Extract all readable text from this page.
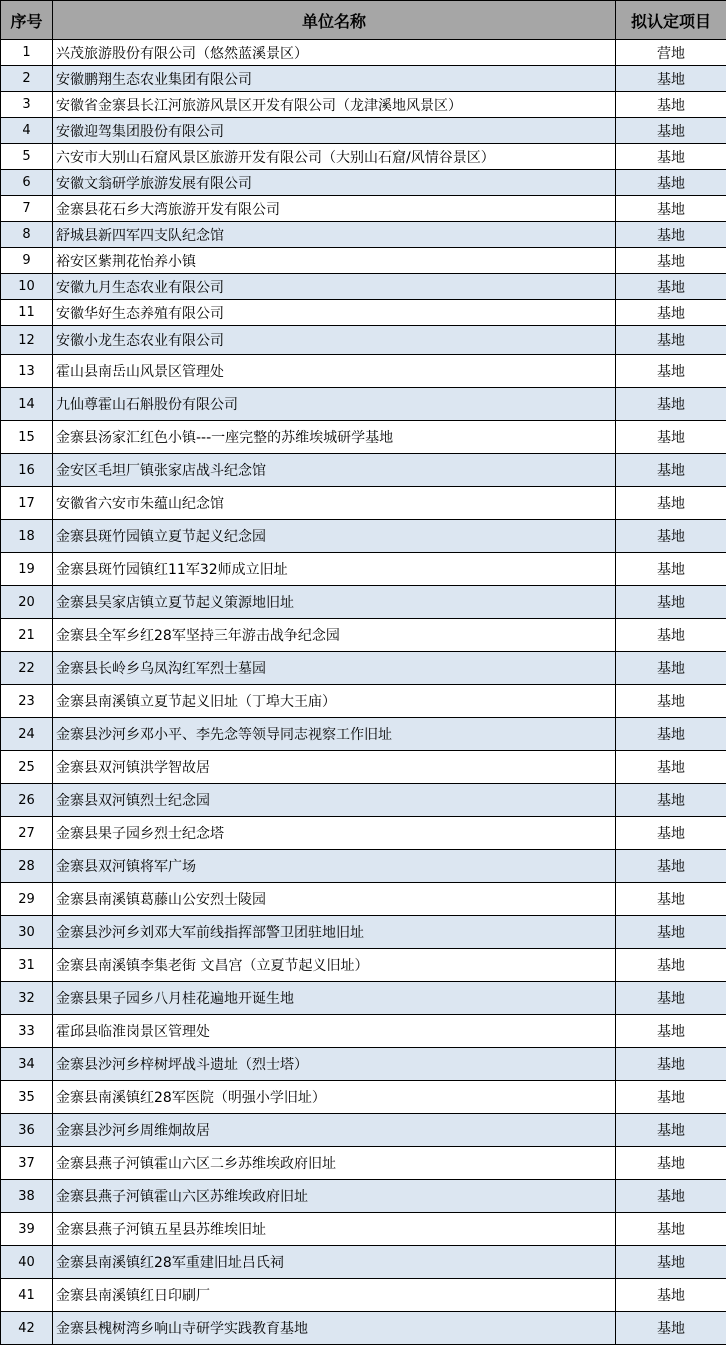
序号	单位名称	拟认定项目
1	兴茂旅游股份有限公司（悠然蓝溪景区）	营地
2	安徽鹏翔生态农业集团有限公司	基地
3	安徽省金寨县长江河旅游风景区开发有限公司（龙津溪地风景区）	基地
4	安徽迎驾集团股份有限公司	基地
5	六安市大别山石窟风景区旅游开发有限公司（大别山石窟/风情谷景区）	基地
6	安徽文翁研学旅游发展有限公司	基地
7	金寨县花石乡大湾旅游开发有限公司	基地
8	舒城县新四军四支队纪念馆	基地
9	裕安区紫荆花怡养小镇	基地
10	安徽九月生态农业有限公司	基地
11	安徽华好生态养殖有限公司	基地
12	安徽小龙生态农业有限公司	基地
13	霍山县南岳山风景区管理处	基地
14	九仙尊霍山石斛股份有限公司	基地
15	金寨县汤家汇红色小镇---一座完整的苏维埃城研学基地	基地
16	金安区毛坦厂镇张家店战斗纪念馆	基地
17	安徽省六安市朱蕴山纪念馆	基地
18	金寨县斑竹园镇立夏节起义纪念园	基地
19	金寨县斑竹园镇红11军32师成立旧址	基地
20	金寨县吴家店镇立夏节起义策源地旧址	基地
21	金寨县全军乡红28军坚持三年游击战争纪念园	基地
22	金寨县长岭乡乌凤沟红军烈士墓园	基地
23	金寨县南溪镇立夏节起义旧址（丁埠大王庙）	基地
24	金寨县沙河乡邓小平、李先念等领导同志视察工作旧址	基地
25	金寨县双河镇洪学智故居	基地
26	金寨县双河镇烈士纪念园	基地
27	金寨县果子园乡烈士纪念塔	基地
28	金寨县双河镇将军广场	基地
29	金寨县南溪镇葛藤山公安烈士陵园	基地
30	金寨县沙河乡刘邓大军前线指挥部警卫团驻地旧址	基地
31	金寨县南溪镇李集老街 文昌宫（立夏节起义旧址）	基地
32	金寨县果子园乡八月桂花遍地开诞生地	基地
33	霍邱县临淮岗景区管理处	基地
34	金寨县沙河乡梓树坪战斗遗址（烈士塔）	基地
35	金寨县南溪镇红28军医院（明强小学旧址）	基地
36	金寨县沙河乡周维炯故居	基地
37	金寨县燕子河镇霍山六区二乡苏维埃政府旧址	基地
38	金寨县燕子河镇霍山六区苏维埃政府旧址	基地
39	金寨县燕子河镇五星县苏维埃旧址	基地
40	金寨县南溪镇红28军重建旧址吕氏祠	基地
41	金寨县南溪镇红日印刷厂	基地
42	金寨县槐树湾乡响山寺研学实践教育基地	基地
